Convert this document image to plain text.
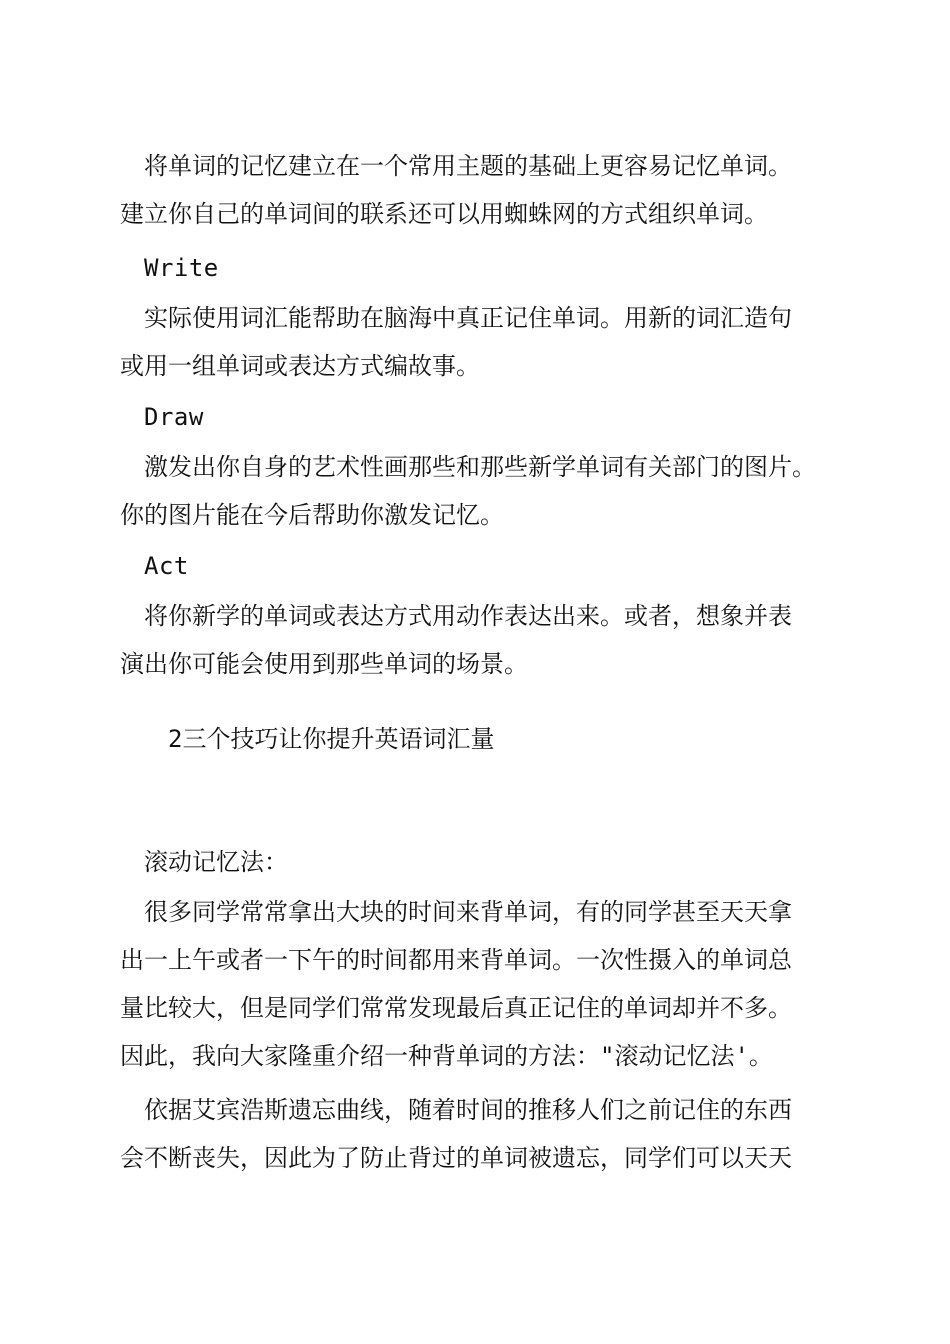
将单词的记忆建立在一个常用主题的基础上更容易记忆单词。

建立你自己的单词间的联系还可以用蜘蛛网的方式组织单词。

Write

实际使用词汇能帮助在脑海中真正记住单词。用新的词汇造句

或用一组单词或表达方式编故事。

Draw

激发出你自身的艺术性画那些和那些新学单词有关部门的图片。

你的图片能在今后帮助你激发记忆。

Act

将你新学的单词或表达方式用动作表达出来。或者，想象并表

演出你可能会使用到那些单词的场景。

2三个技巧让你提升英语词汇量

滚动记忆法：

很多同学常常拿出大块的时间来背单词，有的同学甚至天天拿

出一上午或者一下午的时间都用来背单词。一次性摄入的单词总

量比较大，但是同学们常常发现最后真正记住的单词却并不多。

因此，我向大家隆重介绍一种背单词的方法："滚动记忆法'。

依据艾宾浩斯遗忘曲线，随着时间的推移人们之前记住的东西

会不断丧失，因此为了防止背过的单词被遗忘，同学们可以天天
